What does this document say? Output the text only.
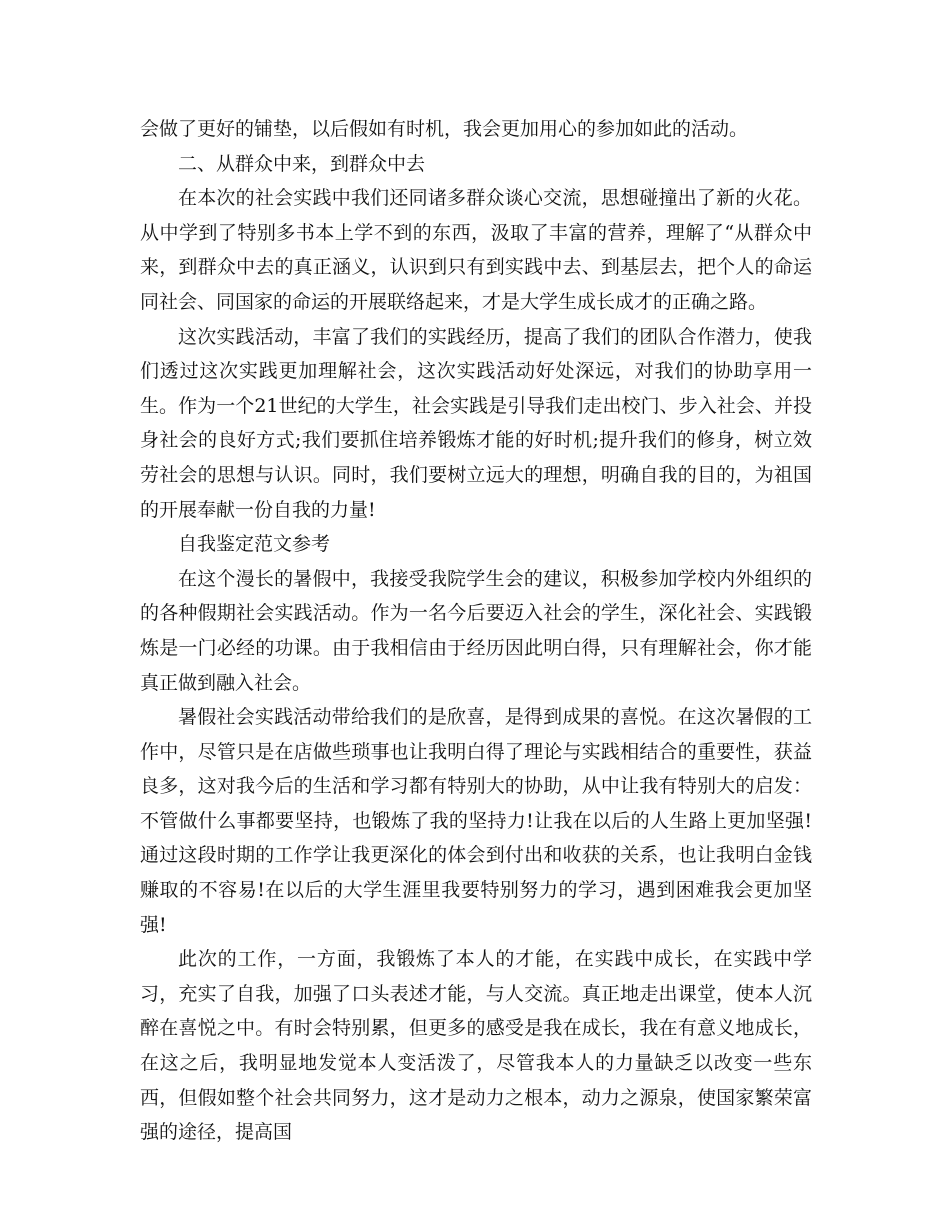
会做了更好的铺垫，以后假如有时机，我会更加用心的参加如此的活动。

二、从群众中来，到群众中去

在本次的社会实践中我们还同诸多群众谈心交流，思想碰撞出了新的火花。从中学到了特别多书本上学不到的东西，汲取了丰富的营养，理解了“从群众中来，到群众中去的真正涵义，认识到只有到实践中去、到基层去，把个人的命运同社会、同国家的命运的开展联络起来，才是大学生成长成才的正确之路。

这次实践活动，丰富了我们的实践经历，提高了我们的团队合作潜力，使我们透过这次实践更加理解社会，这次实践活动好处深远，对我们的协助享用一生。作为一个21世纪的大学生，社会实践是引导我们走出校门、步入社会、并投身社会的良好方式;我们要抓住培养锻炼才能的好时机;提升我们的修身，树立效劳社会的思想与认识。同时，我们要树立远大的理想，明确自我的目的，为祖国的开展奉献一份自我的力量!

自我鉴定范文参考

在这个漫长的暑假中，我接受我院学生会的建议，积极参加学校内外组织的的各种假期社会实践活动。作为一名今后要迈入社会的学生，深化社会、实践锻炼是一门必经的功课。由于我相信由于经历因此明白得，只有理解社会，你才能真正做到融入社会。

暑假社会实践活动带给我们的是欣喜，是得到成果的喜悦。在这次暑假的工作中，尽管只是在店做些琐事也让我明白得了理论与实践相结合的重要性，获益良多，这对我今后的生活和学习都有特别大的协助，从中让我有特别大的启发：不管做什么事都要坚持，也锻炼了我的坚持力!让我在以后的人生路上更加坚强!通过这段时期的工作学让我更深化的体会到付出和收获的关系，也让我明白金钱赚取的不容易!在以后的大学生涯里我要特别努力的学习，遇到困难我会更加坚强!

此次的工作，一方面，我锻炼了本人的才能，在实践中成长，在实践中学习，充实了自我，加强了口头表述才能，与人交流。真正地走出课堂，使本人沉醉在喜悦之中。有时会特别累，但更多的感受是我在成长，我在有意义地成长，在这之后，我明显地发觉本人变活泼了，尽管我本人的力量缺乏以改变一些东西，但假如整个社会共同努力，这才是动力之根本，动力之源泉，使国家繁荣富强的途径，提高国
